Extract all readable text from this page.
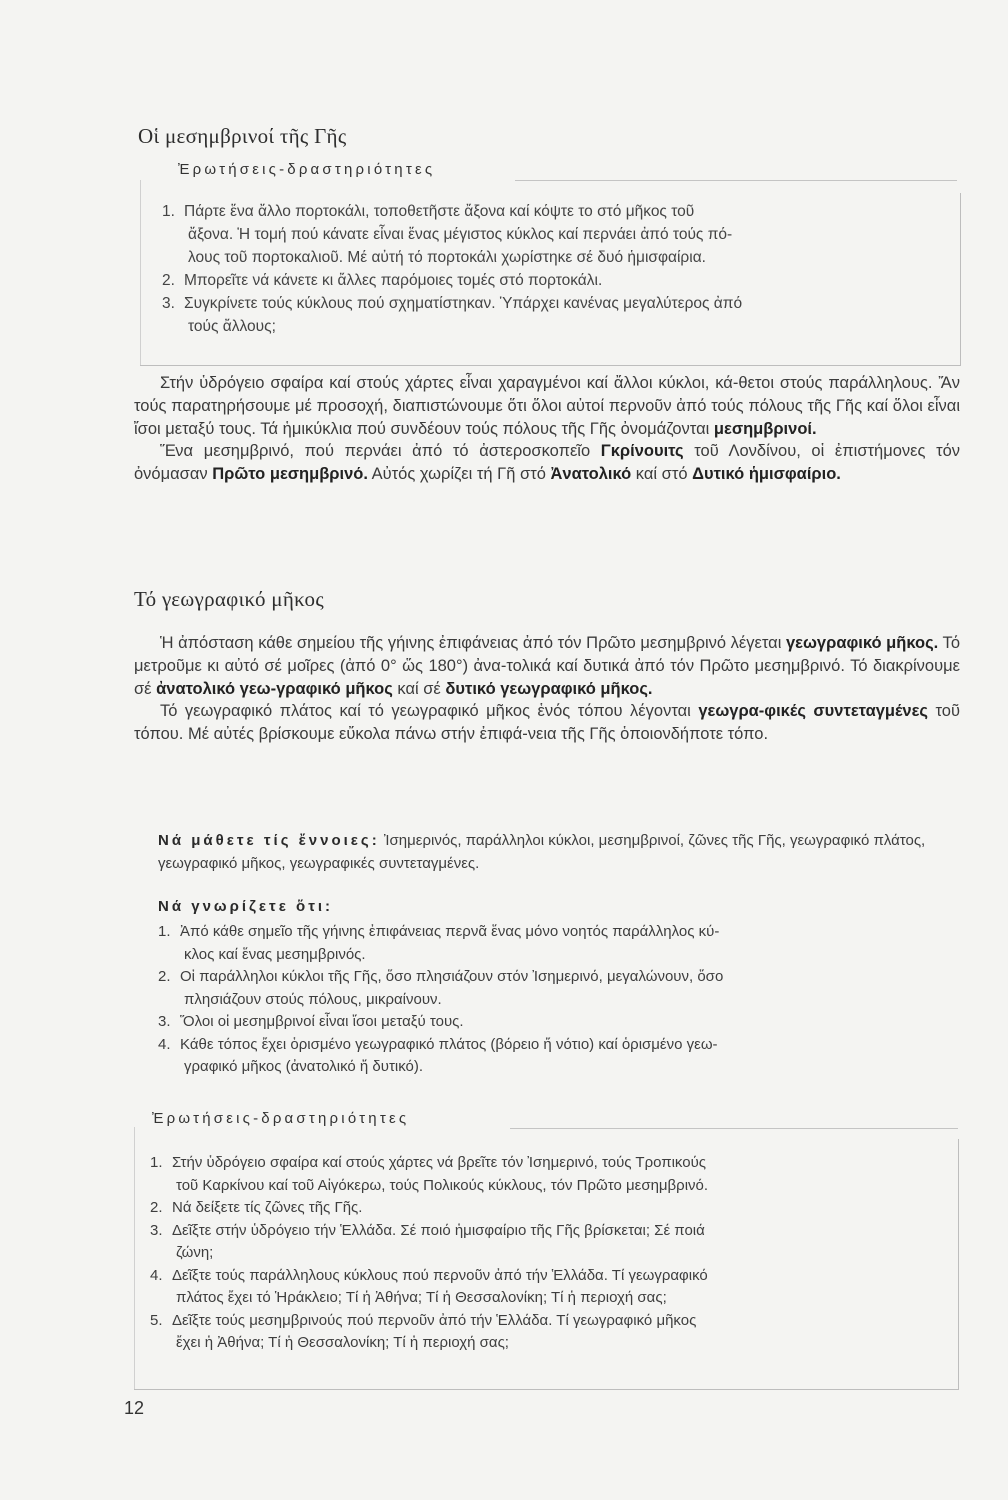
Οἱ μεσημβρινοί τῆς Γῆς
Ἐρωτήσεις-δραστηριότητες
1. Πάρτε ἕνα ἄλλο πορτοκάλι, τοποθετῆστε ἄξονα καί κόψτε το στό μῆκος τοῦ
ἄξονα. Ἡ τομή πού κάνατε εἶναι ἕνας μέγιστος κύκλος καί περνάει ἀπό τούς πό-
λους τοῦ πορτοκαλιοῦ. Μέ αὐτή τό πορτοκάλι χωρίστηκε σέ δυό ἡμισφαίρια.
2. Μπορεῖτε νά κάνετε κι ἄλλες παρόμοιες τομές στό πορτοκάλι.
3. Συγκρίνετε τούς κύκλους πού σχηματίστηκαν. Ὑπάρχει κανένας μεγαλύτερος ἀπό
τούς ἄλλους;

Στήν ὑδρόγειο σφαίρα καί στούς χάρτες εἶναι χαραγμένοι καί ἄλλοι κύκλοι, κά-θετοι στούς παράλληλους. Ἄν τούς παρατηρήσουμε μέ προσοχή, διαπιστώνουμε ὅτι ὅλοι αὐτοί περνοῦν ἀπό τούς πόλους τῆς Γῆς καί ὅλοι εἶναι ἴσοι μεταξύ τους. Τά ἡμικύκλια πού συνδέουν τούς πόλους τῆς Γῆς ὀνομάζονται μεσημβρινοί.

Ἕνα μεσημβρινό, πού περνάει ἀπό τό ἀστεροσκοπεῖο Γκρίνουιτς τοῦ Λονδίνου, οἱ ἐπιστήμονες τόν ὀνόμασαν Πρῶτο μεσημβρινό. Αὐτός χωρίζει τή Γῆ στό Ἀνατολικό καί στό Δυτικό ἡμισφαίριο.

Τό γεωγραφικό μῆκος

Ἡ ἀπόσταση κάθε σημείου τῆς γήινης ἐπιφάνειας ἀπό τόν Πρῶτο μεσημβρινό λέγεται γεωγραφικό μῆκος. Τό μετροῦμε κι αὐτό σέ μοῖρες (ἀπό 0° ὥς 180°) ἀνα-τολικά καί δυτικά ἀπό τόν Πρῶτο μεσημβρινό. Τό διακρίνουμε σέ ἀνατολικό γεω-γραφικό μῆκος καί σέ δυτικό γεωγραφικό μῆκος.

Τό γεωγραφικό πλάτος καί τό γεωγραφικό μῆκος ἑνός τόπου λέγονται γεωγρα-φικές συντεταγμένες τοῦ τόπου. Μέ αὐτές βρίσκουμε εὔκολα πάνω στήν ἐπιφά-νεια τῆς Γῆς ὁποιονδήποτε τόπο.

Νά μάθετε τίς ἔννοιες: Ἰσημερινός, παράλληλοι κύκλοι, μεσημβρινοί, ζῶνες τῆς Γῆς, γεωγραφικό πλάτος, γεωγραφικό μῆκος, γεωγραφικές συντεταγμένες.
Νά γνωρίζετε ὅτι:
1. Ἀπό κάθε σημεῖο τῆς γήινης ἐπιφάνειας περνᾶ ἕνας μόνο νοητός παράλληλος κύ-
κλος καί ἕνας μεσημβρινός.
2. Οἱ παράλληλοι κύκλοι τῆς Γῆς, ὅσο πλησιάζουν στόν Ἰσημερινό, μεγαλώνουν, ὅσο
πλησιάζουν στούς πόλους, μικραίνουν.
3. Ὅλοι οἱ μεσημβρινοί εἶναι ἴσοι μεταξύ τους.
4. Κάθε τόπος ἔχει ὁρισμένο γεωγραφικό πλάτος (βόρειο ἤ νότιο) καί ὁρισμένο γεω-
γραφικό μῆκος (ἀνατολικό ἤ δυτικό).
Ἐρωτήσεις-δραστηριότητες
1. Στήν ὑδρόγειο σφαίρα καί στούς χάρτες νά βρεῖτε τόν Ἰσημερινό, τούς Τροπικούς
τοῦ Καρκίνου καί τοῦ Αἰγόκερω, τούς Πολικούς κύκλους, τόν Πρῶτο μεσημβρινό.
2. Νά δείξετε τίς ζῶνες τῆς Γῆς.
3. Δεῖξτε στήν ὑδρόγειο τήν Ἑλλάδα. Σέ ποιό ἡμισφαίριο τῆς Γῆς βρίσκεται; Σέ ποιά
ζώνη;
4. Δεῖξτε τούς παράλληλους κύκλους πού περνοῦν ἀπό τήν Ἑλλάδα. Τί γεωγραφικό
πλάτος ἔχει τό Ἡράκλειο; Τί ἡ Ἀθήνα; Τί ἡ Θεσσαλονίκη; Τί ἡ περιοχή σας;
5. Δεῖξτε τούς μεσημβρινούς πού περνοῦν ἀπό τήν Ἑλλάδα. Τί γεωγραφικό μῆκος
ἔχει ἡ Ἀθήνα; Τί ἡ Θεσσαλονίκη; Τί ἡ περιοχή σας;
12
